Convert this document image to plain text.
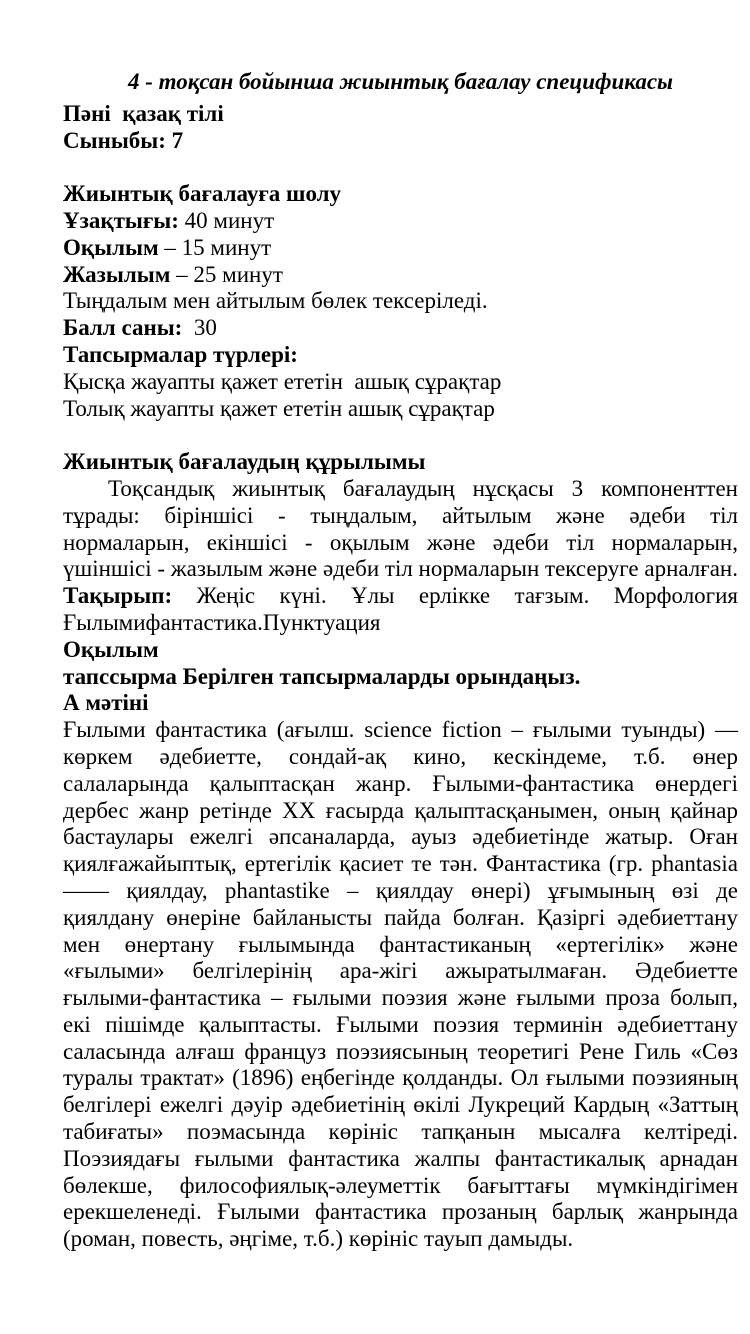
4 - тоқсан бойынша жиынтық бағалау спецификасы
Пәні  қазақ тілі
Сыныбы: 7
Жиынтық бағалауға шолу
Ұзақтығы: 40 минут
Оқылым – 15 минут
Жазылым – 25 минут
Тыңдалым мен айтылым бөлек тексеріледі.
Балл саны:  30
Тапсырмалар түрлері:
Қысқа жауапты қажет ететін  ашық сұрақтар
Толық жауапты қажет ететін ашық сұрақтар
Жиынтық бағалаудың құрылымы

Тоқсандық жиынтық бағалаудың нұсқасы 3 компоненттен тұрады: біріншісі - тыңдалым, айтылым және әдеби тіл нормаларын, екіншісі - оқылым және әдеби тіл нормаларын, үшіншісі - жазылым және әдеби тіл нормаларын тексеруге арналған.

Тақырып: Жеңіс күні. Ұлы ерлікке тағзым. Морфология Ғылымифантастика.Пунктуация

Оқылым
тапссырма Берілген тапсырмаларды орындаңыз.
А мәтіні

Ғылыми фантастика (ағылш. science fiction – ғылыми туынды) — көркем әдебиетте, сондай-ақ кино, кескіндеме, т.б. өнер салаларында қалыптасқан жанр. Ғылыми-фантастика өнердегі дербес жанр ретінде XX ғасырда қалыптасқанымен, оның қайнар бастаулары ежелгі әпсаналарда, ауыз әдебиетінде жатыр. Оған қиялғажайыптық, ертегілік қасиет те тән. Фантастика (гр. phantasia —— қиялдау, phantastike – қиялдау өнері) ұғымының өзі де қиялдану өнеріне байланысты пайда болған. Қазіргі әдебиеттану мен өнертану ғылымында фантастиканың «ертегілік» және «ғылыми» белгілерінің ара-жігі ажыратылмаған. Әдебиетте ғылыми-фантастика – ғылыми поэзия және ғылыми проза болып, екі пішімде қалыптасты. Ғылыми поэзия терминін әдебиеттану саласында алғаш француз поэзиясының теоретигі Рене Гиль «Сөз туралы трактат» (1896) еңбегінде қолданды. Ол ғылыми поэзияның белгілері ежелгі дәуір әдебиетінің өкілі Лукреций Кардың «Заттың табиғаты» поэмасында көрініс тапқанын мысалға келтіреді. Поэзиядағы ғылыми фантастика жалпы фантастикалық арнадан бөлекше, философиялық-әлеуметтік бағыттағы мүмкіндігімен ерекшеленеді. Ғылыми фантастика прозаның барлық жанрында (роман, повесть, әңгіме, т.б.) көрініс тауып дамыды.
